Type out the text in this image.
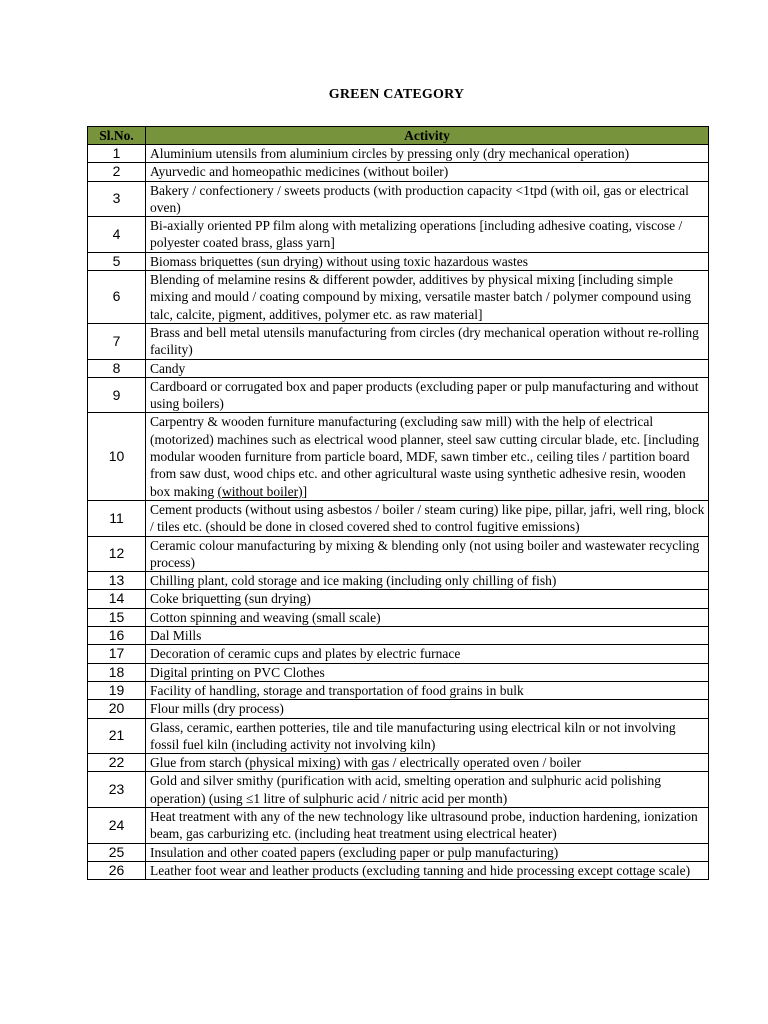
GREEN CATEGORY
Sl.No.	Activity
1	Aluminium utensils from aluminium circles by pressing only (dry mechanical operation)
2	Ayurvedic and homeopathic medicines (without boiler)
3	Bakery / confectionery / sweets products (with production capacity <1tpd (with oil, gas or electrical oven)
4	Bi-axially oriented PP film along with metalizing operations [including adhesive coating, viscose / polyester coated brass, glass yarn]
5	Biomass briquettes (sun drying) without using toxic hazardous wastes
6	Blending of melamine resins & different powder, additives by physical mixing [including simple mixing and mould / coating compound by mixing, versatile master batch / polymer compound using talc, calcite, pigment, additives, polymer etc. as raw material]
7	Brass and bell metal utensils manufacturing from circles (dry mechanical operation without re-rolling facility)
8	Candy
9	Cardboard or corrugated box and paper products (excluding paper or pulp manufacturing and without using boilers)
10	Carpentry & wooden furniture manufacturing (excluding saw mill) with the help of electrical (motorized) machines such as electrical wood planner, steel saw cutting circular blade, etc. [including modular wooden furniture from particle board, MDF, sawn timber etc., ceiling tiles / partition board from saw dust, wood chips etc. and other agricultural waste using synthetic adhesive resin, wooden box making (without boiler)]
11	Cement products (without using asbestos / boiler / steam curing) like pipe, pillar, jafri, well ring, block / tiles etc. (should be done in closed covered shed to control fugitive emissions)
12	Ceramic colour manufacturing by mixing & blending only (not using boiler and wastewater recycling process)
13	Chilling plant, cold storage and ice making (including only chilling of fish)
14	Coke briquetting (sun drying)
15	Cotton spinning and weaving (small scale)
16	Dal Mills
17	Decoration of ceramic cups and plates by electric furnace
18	Digital printing on PVC Clothes
19	Facility of handling, storage and transportation of food grains in bulk
20	Flour mills (dry process)
21	Glass, ceramic, earthen potteries, tile and tile manufacturing using electrical kiln or not involving fossil fuel kiln (including activity not involving kiln)
22	Glue from starch (physical mixing) with gas / electrically operated oven / boiler
23	Gold and silver smithy (purification with acid, smelting operation and sulphuric acid polishing operation) (using ≤1 litre of sulphuric acid / nitric acid per month)
24	Heat treatment with any of the new technology like ultrasound probe, induction hardening, ionization beam, gas carburizing etc. (including heat treatment using electrical heater)
25	Insulation and other coated papers (excluding paper or pulp manufacturing)
26	Leather foot wear and leather products (excluding tanning and hide processing except cottage scale)
